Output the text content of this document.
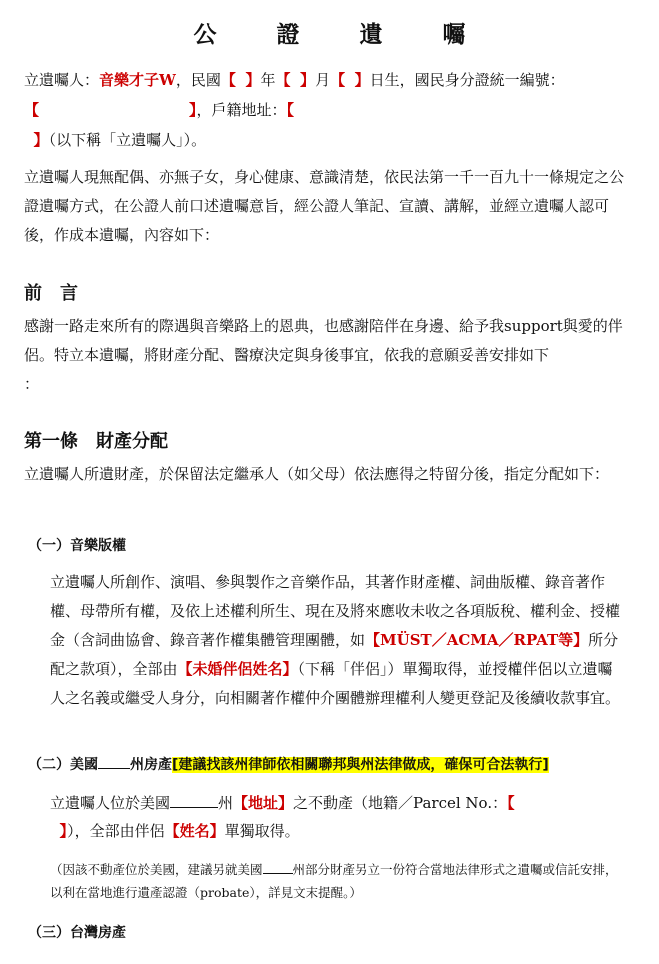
公 證 遺 囑
立遺囑人：音樂才子W，民國【 】年【 】月【 】日生，國民身分證統一編號：
【	】，戶籍地址：【
】（以下稱「立遺囑人」）。
立遺囑人現無配偶、亦無子女，身心健康、意識清楚，依民法第一千一百九十一條規定之公證遺囑方式，在公證人前口述遺囑意旨，經公證人筆記、宣讀、講解，並經立遺囑人認可後，作成本遺囑，內容如下：
前　言
感謝一路走來所有的際遇與音樂路上的恩典，也感謝陪伴在身邊、給予我support與愛的伴侶。特立本遺囑，將財產分配、醫療決定與身後事宜，依我的意願妥善安排如下
：
第一條　財產分配
立遺囑人所遺財產，於保留法定繼承人（如父母）依法應得之特留分後，指定分配如下：
（一）音樂版權
立遺囑人所創作、演唱、參與製作之音樂作品，其著作財產權、詞曲版權、錄音著作權、母帶所有權，及依上述權利所生、現在及將來應收未收之各項版稅、權利金、授權金（含詞曲協會、錄音著作權集體管理團體，如【MÜST／ACMA／RPAT等】所分配之款項），全部由【未婚伴侶姓名】（下稱「伴侶」）單獨取得，並授權伴侶以立遺囑人之名義或繼受人身分，向相關著作權仲介團體辦理權利人變更登記及後續收款事宜。
（二）美國 州房產[建議找該州律師依相關聯邦與州法律做成，確保可合法執行]
立遺囑人位於美國	州【地址】之不動產（地籍／Parcel No.：【
】），全部由伴侶【姓名】單獨取得。
（因該不動產位於美國，建議另就美國 州部分財產另立一份符合當地法律形式之遺囑或信託安排，以利在當地進行遺產認證（probate），詳見文末提醒。）
（三）台灣房產
